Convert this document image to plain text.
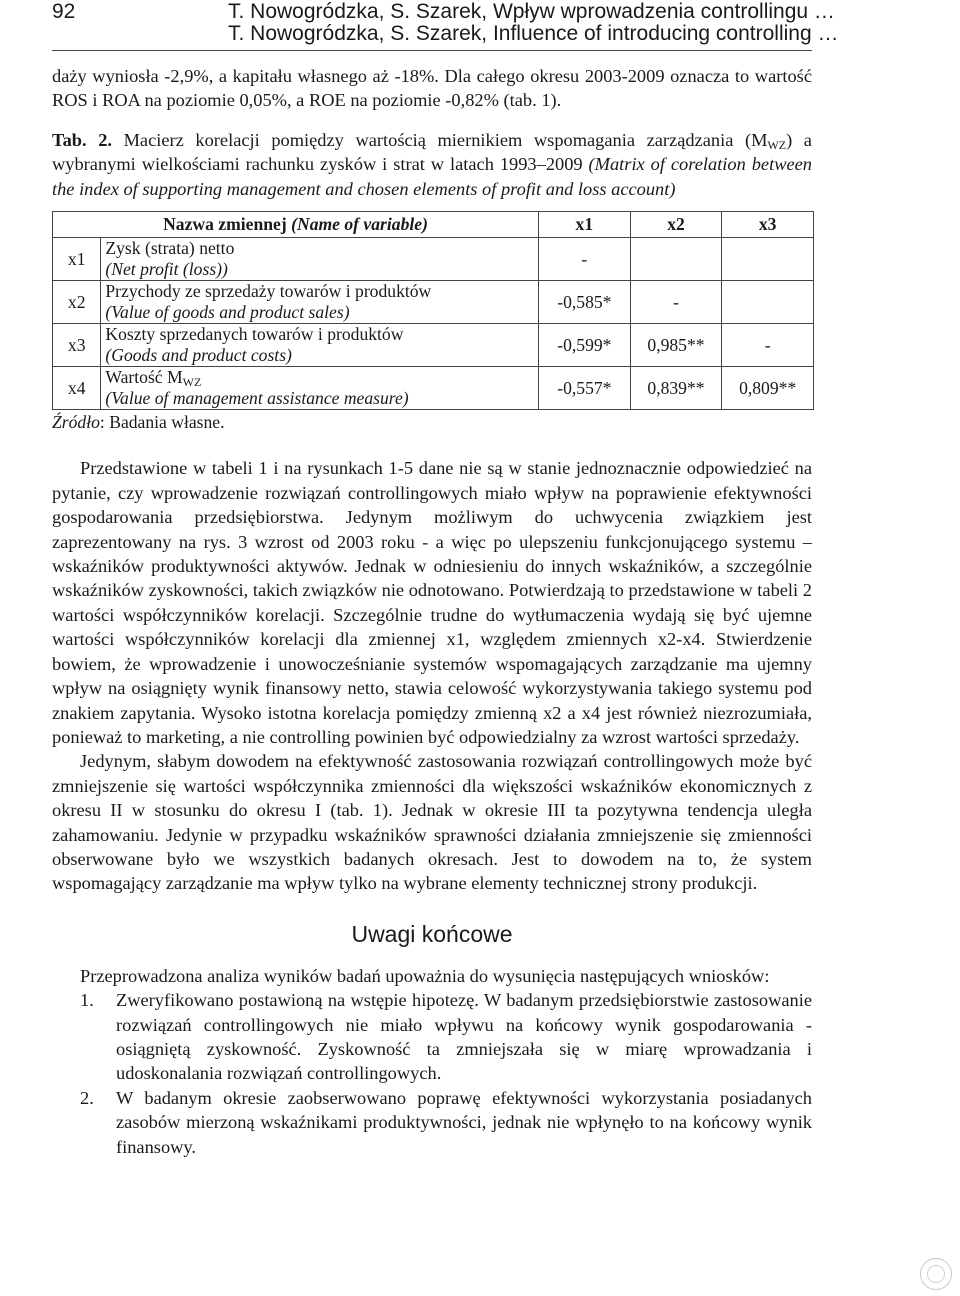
92	T. Nowogródzka, S. Szarek, Wpływ wprowadzenia controllingu …
T. Nowogródzka, S. Szarek, Influence of introducing controlling …

dażу wyniosła -2,9%, a kapitału własnego aż -18%. Dla całego okresu 2003-2009 oznacza to wartość ROS i ROA na poziomie 0,05%, a ROE na poziomie -0,82% (tab. 1).

Tab. 2. Macierz korelacji pomiędzy wartością miernikiem wspomagania zarządzania $(M_{WZ})$ a wybranymi wielkościami rachunku zysków i strat w latach 1993–2009 (Matrix of corelation between the index of supporting management and chosen elements of profit and loss account)

Nazwa zmiennej (Name of variable)		x1	x2	x3
x1	Zysk (strata) netto
(Net profit (loss))	-		
x2	Przychody ze sprzedaży towarów i produktów
(Value of goods and product sales)	-0,585*	-	
x3	Koszty sprzedanych towarów i produktów
(Goods and product costs)	-0,599*	0,985**	-
x4	Wartość $M_{WZ}$
(Value of management assistance measure)	-0,557*	0,839**	0,809**
Źródło: Badania własne.

Przedstawione w tabeli 1 i na rysunkach 1-5 dane nie są w stanie jednoznacznie odpowiedzieć na pytanie, czy wprowadzenie rozwiązań controllingowych miało wpływ na poprawienie efektywności gospodarowania przedsiębiorstwa. Jedynym możliwym do uchwycenia związkiem jest zaprezentowany na rys. 3 wzrost od 2003 roku - a więc po ulepszeniu funkcjonującego systemu – wskaźników produktywności aktywów. Jednak w odniesieniu do innych wskaźników, a szczególnie wskaźników zyskowności, takich związków nie odnotowano. Potwierdzają to przedstawione w tabeli 2 wartości współczynników korelacji. Szczególnie trudne do wytłumaczenia wydają się być ujemne wartości współczynników korelacji dla zmiennej x1, względem zmiennych x2-x4. Stwierdzenie bowiem, że wprowadzenie i unowocześnianie systemów wspomagających zarządzanie ma ujemny wpływ na osiągnięty wynik finansowy netto, stawia celowość wykorzystywania takiego systemu pod znakiem zapytania. Wysoko istotna korelacja pomiędzy zmienną x2 a x4 jest również niezrozumiała, ponieważ to marketing, a nie controlling powinien być odpowiedzialny za wzrost wartości sprzedaży.

Jedynym, słabym dowodem na efektywność zastosowania rozwiązań controllingowych może być zmniejszenie się wartości współczynnika zmienności dla większości wskaźników ekonomicznych z okresu II w stosunku do okresu I (tab. 1). Jednak w okresie III ta pozytywna tendencja uległa zahamowaniu. Jedynie w przypadku wskaźników sprawności działania zmniejszenie się zmienności obserwowane było we wszystkich badanych okresach. Jest to dowodem na to, że system wspomagający zarządzanie ma wpływ tylko na wybrane elementy technicznej strony produkcji.

Uwagi końcowe

Przeprowadzona analiza wyników badań upoważnia do wysunięcia następujących wniosków:

1. Zweryfikowano postawioną na wstępie hipotezę. W badanym przedsiębiorstwie zastosowanie rozwiązań controllingowych nie miało wpływu na końcowy wynik gospodarowania - osiągniętą zyskowność. Zyskowność ta zmniejszała się w miarę wprowadzania i udoskonalania rozwiązań controllingowych.
2. W badanym okresie zaobserwowano poprawę efektywności wykorzystania posiadanych zasobów mierzoną wskaźnikami produktywności, jednak nie wpłynęło to na końcowy wynik finansowy.
